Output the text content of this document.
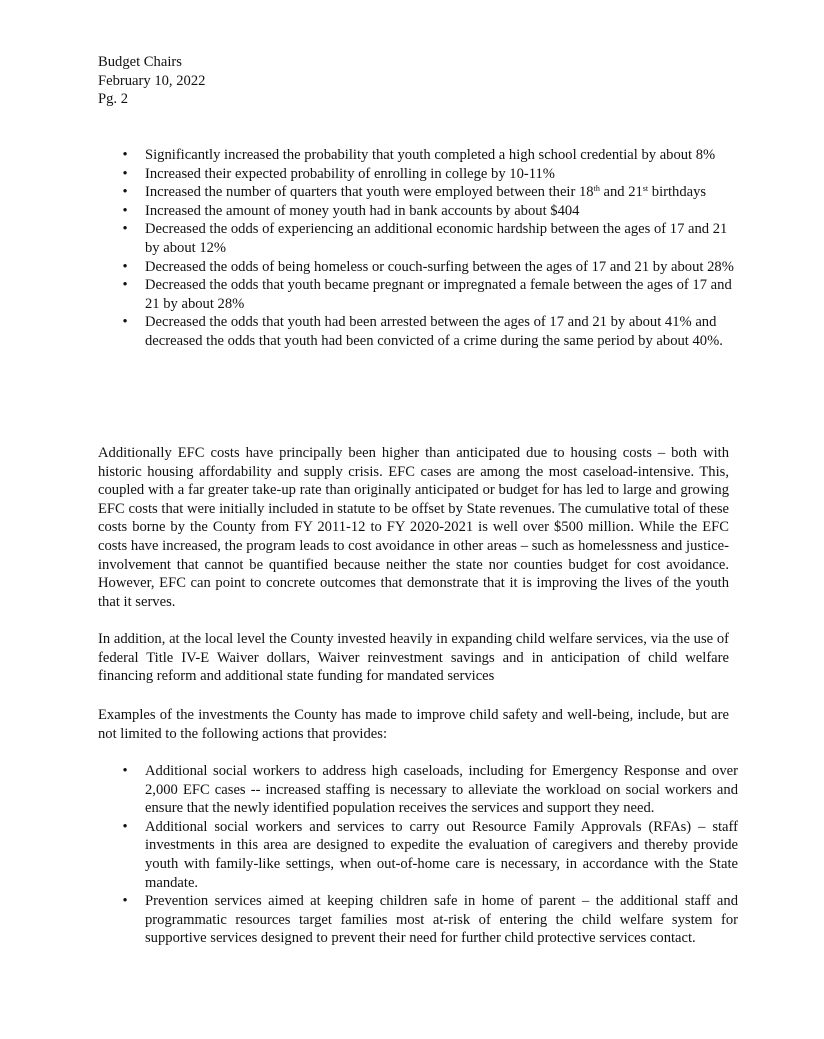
Budget Chairs
February 10, 2022
Pg. 2
• Significantly increased the probability that youth completed a high school credential by about 8%
• Increased their expected probability of enrolling in college by 10-11%
• Increased the number of quarters that youth were employed between their 18th and 21st birthdays
• Increased the amount of money youth had in bank accounts by about $404
• Decreased the odds of experiencing an additional economic hardship between the ages of 17 and 21 by about 12%
• Decreased the odds of being homeless or couch-surfing between the ages of 17 and 21 by about 28%
• Decreased the odds that youth became pregnant or impregnated a female between the ages of 17 and 21 by about 28%
• Decreased the odds that youth had been arrested between the ages of 17 and 21 by about 41% and decreased the odds that youth had been convicted of a crime during the same period by about 40%.

Additionally EFC costs have principally been higher than anticipated due to housing costs – both with historic housing affordability and supply crisis. EFC cases are among the most caseload-intensive. This, coupled with a far greater take-up rate than originally anticipated or budget for has led to large and growing EFC costs that were initially included in statute to be offset by State revenues. The cumulative total of these costs borne by the County from FY 2011-12 to FY 2020-2021 is well over $500 million. While the EFC costs have increased, the program leads to cost avoidance in other areas – such as homelessness and justice-involvement that cannot be quantified because neither the state nor counties budget for cost avoidance. However, EFC can point to concrete outcomes that demonstrate that it is improving the lives of the youth that it serves.

In addition, at the local level the County invested heavily in expanding child welfare services, via the use of federal Title IV-E Waiver dollars, Waiver reinvestment savings and in anticipation of child welfare financing reform and additional state funding for mandated services

Examples of the investments the County has made to improve child safety and well-being, include, but are not limited to the following actions that provides:

• Additional social workers to address high caseloads, including for Emergency Response and over 2,000 EFC cases -- increased staffing is necessary to alleviate the workload on social workers and ensure that the newly identified population receives the services and support they need.
• Additional social workers and services to carry out Resource Family Approvals (RFAs) – staff investments in this area are designed to expedite the evaluation of caregivers and thereby provide youth with family-like settings, when out-of-home care is necessary, in accordance with the State mandate.
• Prevention services aimed at keeping children safe in home of parent – the additional staff and programmatic resources target families most at-risk of entering the child welfare system for supportive services designed to prevent their need for further child protective services contact.
